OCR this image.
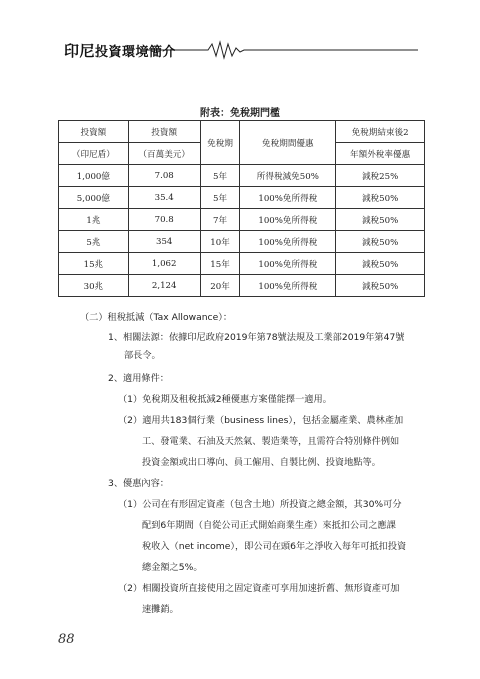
印尼投資環境簡介
附表：免稅期門檻
投資額	投資額	免稅期	免稅期間優惠	免稅期結束後2
（印尼盾）	（百萬美元）			年額外稅率優惠
1,000億	7.08	5年	所得稅減免50%	減稅25%
5,000億	35.4	5年	100%免所得稅	減稅50%
1兆	70.8	7年	100%免所得稅	減稅50%
5兆	354	10年	100%免所得稅	減稅50%
15兆	1,062	15年	100%免所得稅	減稅50%
30兆	2,124	20年	100%免所得稅	減稅50%
（二）租稅抵減（Tax Allowance）：
1、相關法源：依據印尼政府2019年第78號法規及工業部2019年第47號
部長令。
2、適用條件：
（1）免稅期及租稅抵減2種優惠方案僅能擇一適用。
（2）適用共183個行業（business lines），包括金屬產業、農林產加
工、發電業、石油及天然氣、製造業等，且需符合特別條件例如
投資金額或出口導向、員工僱用、自製比例、投資地點等。
3、優惠內容：
（1）公司在有形固定資產（包含土地）所投資之總金額，其30%可分
配到6年期間（自從公司正式開始商業生產）來抵扣公司之應課
稅收入（net income），即公司在頭6年之淨收入每年可抵扣投資
總金額之5%。
（2）相關投資所直接使用之固定資產可享用加速折舊、無形資產可加
速攤銷。
88
